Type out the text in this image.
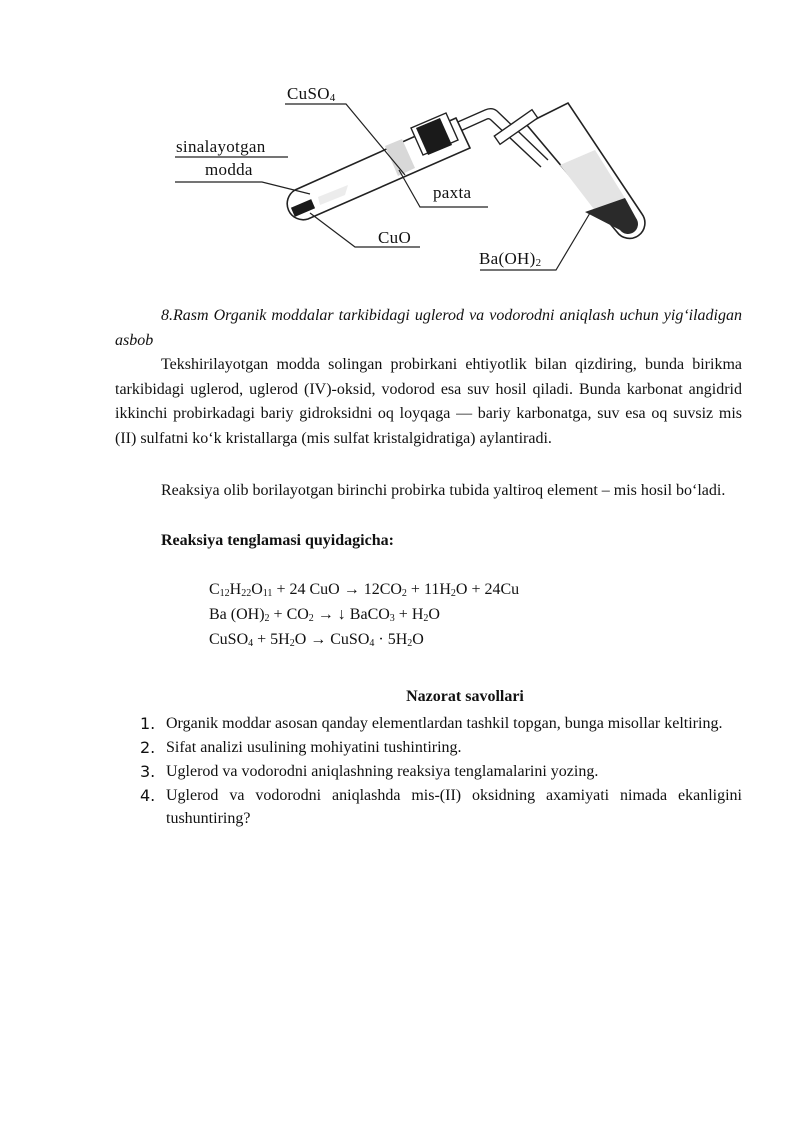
CuSO$_4$
sinalayotgan
modda
paxta
CuO
$Ba(OH)_2$
8.Rasm Organik moddalar tarkibidagi uglerod va vodorodni aniqlash uchun yig‘iladigan asbob
Tekshirilayotgan modda solingan probirkani ehtiyotlik bilan qizdiring, bunda birikma tarkibidagi uglerod, uglerod (IV)-oksid, vodorod esa suv hosil qiladi. Bunda karbonat angidrid ikkinchi probirkadagi bariy gidroksidni oq loyqaga — bariy karbonatga, suv esa oq suvsiz mis (II) sulfatni ko‘k kristallarga (mis sulfat kristalgidratiga) aylantiradi.
Reaksiya olib borilayotgan birinchi probirka tubida yaltiroq element – mis hosil bo‘ladi.
Reaksiya tenglamasi quyidagicha:
$C_{12}H_{22}O_{11} + 24$ CuO → $12CO_2 + 11H_2O + 24Cu$
Ba $(OH)_2 + CO_2$ → ↓ BaCO$_3$ + $H_2O$
CuSO$_4$ + $5H_2O$ → CuSO$_4$ · $5H_2O$
Nazorat savollari
1. Organik moddar asosan qanday elementlardan tashkil topgan, bunga misollar keltiring.
2. Sifat analizi usulining mohiyatini tushintiring.
3. Uglerod va vodorodni aniqlashning reaksiya tenglamalarini yozing.
4. Uglerod va vodorodni aniqlashda mis-(II) oksidning axamiyati nimada ekanligini tushuntiring?
